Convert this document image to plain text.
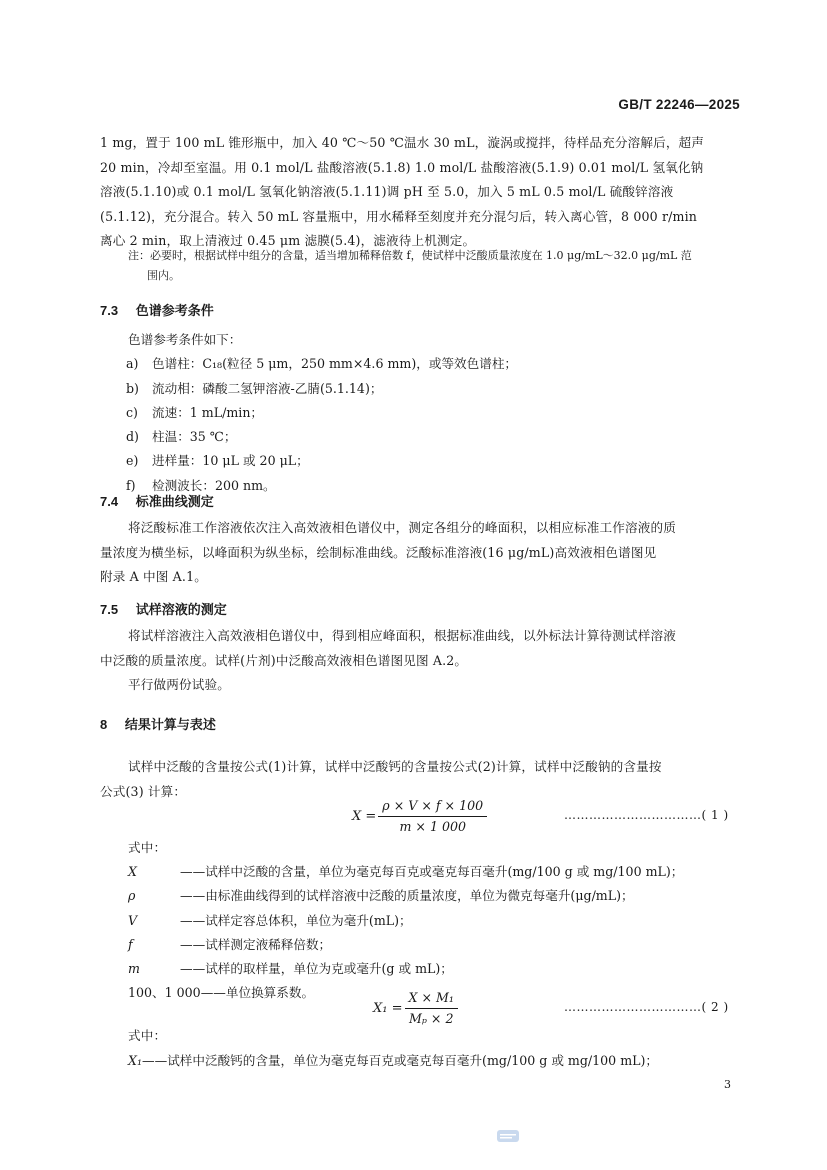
GB/T 22246—2025
1 mg，置于 100 mL 锥形瓶中，加入 40 ℃～50 ℃温水 30 mL，漩涡或搅拌，待样品充分溶解后，超声
20 min，冷却至室温。用 0.1 mol/L 盐酸溶液(5.1.8) 1.0 mol/L 盐酸溶液(5.1.9) 0.01 mol/L 氢氧化钠
溶液(5.1.10)或 0.1 mol/L 氢氧化钠溶液(5.1.11)调 pH 至 5.0，加入 5 mL 0.5 mol/L 硫酸锌溶液
(5.1.12)，充分混合。转入 50 mL 容量瓶中，用水稀释至刻度并充分混匀后，转入离心管，8 000 r/min
离心 2 min，取上清液过 0.45 μm 滤膜(5.4)，滤液待上机测定。
注：必要时，根据试样中组分的含量，适当增加稀释倍数 f，使试样中泛酸质量浓度在 1.0 μg/mL～32.0 μg/mL 范
围内。
7.3 色谱参考条件
色谱参考条件如下：
a) 色谱柱：C₁₈(粒径 5 μm，250 mm×4.6 mm)，或等效色谱柱；
b) 流动相：磷酸二氢钾溶液-乙腈(5.1.14)；
c) 流速：1 mL/min；
d) 柱温：35 ℃；
e) 进样量：10 μL 或 20 μL；
f) 检测波长：200 nm。
7.4 标准曲线测定
将泛酸标准工作溶液依次注入高效液相色谱仪中，测定各组分的峰面积，以相应标准工作溶液的质
量浓度为横坐标，以峰面积为纵坐标，绘制标准曲线。泛酸标准溶液(16 μg/mL)高效液相色谱图见
附录 A 中图 A.1。
7.5 试样溶液的测定
将试样溶液注入高效液相色谱仪中，得到相应峰面积，根据标准曲线，以外标法计算待测试样溶液
中泛酸的质量浓度。试样(片剂)中泛酸高效液相色谱图见图 A.2。
平行做两份试验。
8 结果计算与表述
试样中泛酸的含量按公式(1)计算，试样中泛酸钙的含量按公式(2)计算，试样中泛酸钠的含量按
公式(3) 计算：
$X = \frac{\rho \times V \times f \times 100}{m \times 1 000}$	……………………………( 1 )
式中：
X	——试样中泛酸的含量，单位为毫克每百克或毫克每百毫升(mg/100 g 或 mg/100 mL)；
ρ	——由标准曲线得到的试样溶液中泛酸的质量浓度，单位为微克每毫升(μg/mL)；
V	——试样定容总体积，单位为毫升(mL)；
f	——试样测定液稀释倍数；
m	——试样的取样量，单位为克或毫升(g 或 mL)；
100、1 000——单位换算系数。
$X_1 = \frac{\text{X × M₁}}{\text{Mₚ × 2}}$	……………………………( 2 )
式中：
X₁——试样中泛酸钙的含量，单位为毫克每百克或毫克每百毫升(mg/100 g 或 mg/100 mL)；
3
